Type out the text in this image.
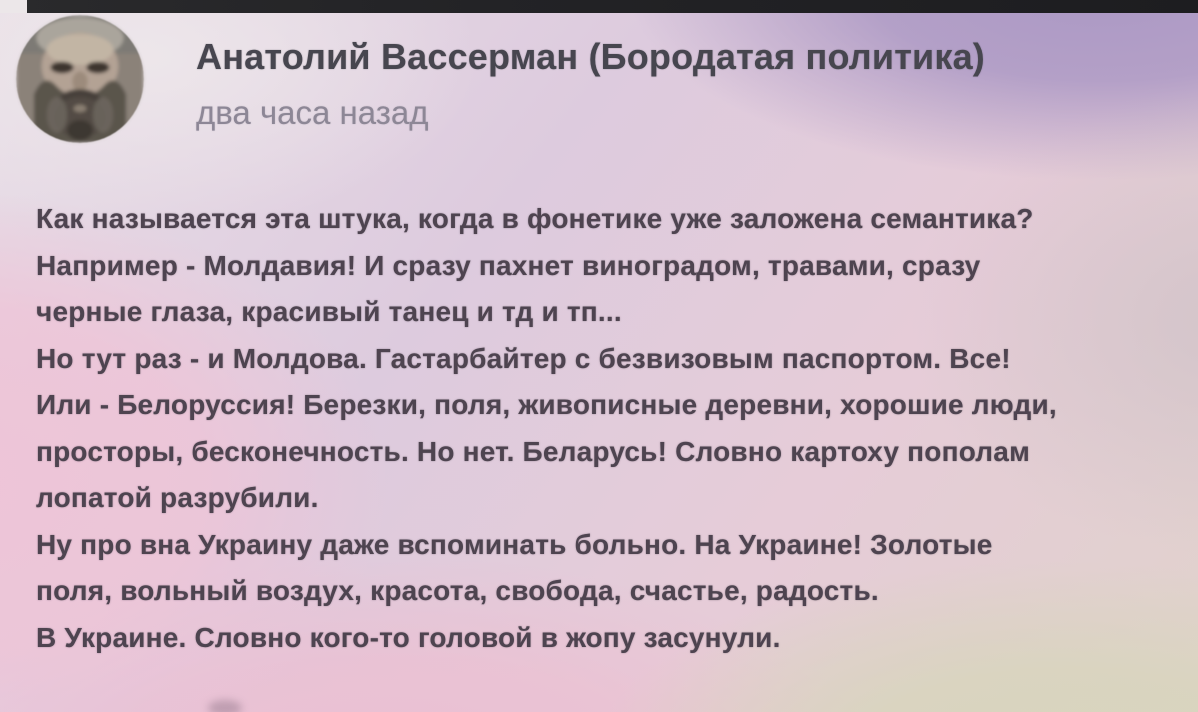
Анатолий Вассерман (Бородатая политика)
два часа назад
Как называется эта штука, когда в фонетике уже заложена семантика?
Например - Молдавия! И сразу пахнет виноградом, травами, сразу
черные глаза, красивый танец и тд и тп...
Но тут раз - и Молдова. Гастарбайтер с безвизовым паспортом. Все!
Или - Белоруссия! Березки, поля, живописные деревни, хорошие люди,
просторы, бесконечность. Но нет. Беларусь! Словно картоху пополам
лопатой разрубили.
Ну про вна Украину даже вспоминать больно. На Украине! Золотые
поля, вольный воздух, красота, свобода, счастье, радость.
В Украине. Словно кого-то головой в жопу засунули.
